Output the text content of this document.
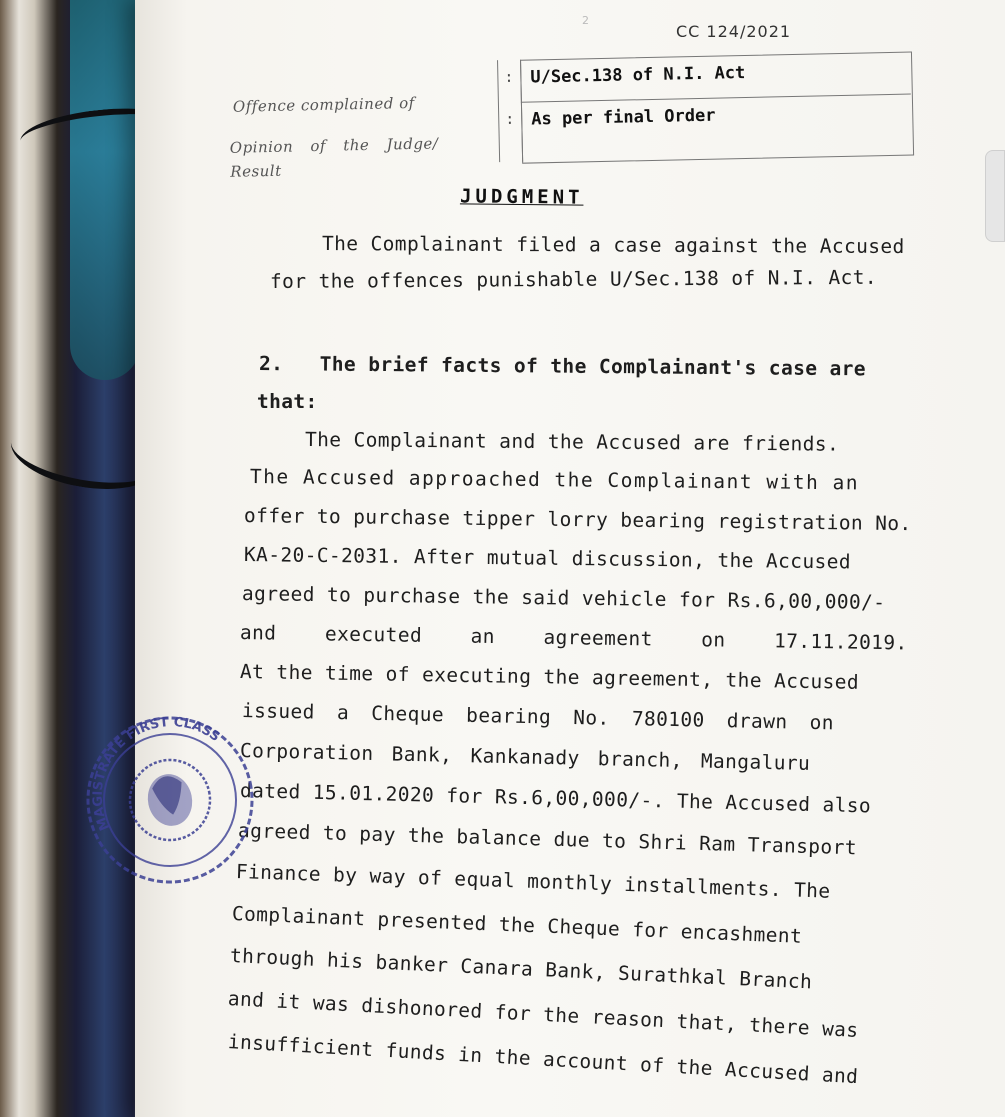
2
CC 124/2021
Offence complained of
: U/Sec.138 of N.I. Act
Opinion of the Judge/ Result
: As per final Order
JUDGMENT
The Complainant filed a case against the Accused
for the offences punishable U/Sec.138 of N.I. Act.
2.   The brief facts of the Complainant's case are
that:
The Complainant and the Accused are friends.
The Accused approached the Complainant with an
offer to purchase tipper lorry bearing registration No.
KA-20-C-2031. After mutual discussion, the Accused
agreed to purchase the said vehicle for Rs.6,00,000/-
and    executed    an    agreement    on    17.11.2019.
At the time of executing the agreement, the Accused
issued a Cheque bearing No. 780100 drawn on
Corporation Bank, Kankanady branch, Mangaluru
dated 15.01.2020 for Rs.6,00,000/-. The Accused also
agreed to pay the balance due to Shri Ram Transport
Finance by way of equal monthly installments. The
Complainant presented the Cheque for encashment
through his banker Canara Bank, Surathkal Branch
and it was dishonored for the reason that, there was
insufficient funds in the account of the Accused and
MAGISTRATE FIRST CLASS
